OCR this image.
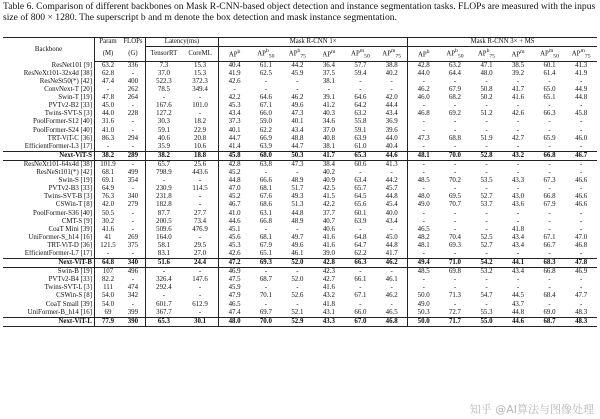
Table 6. Comparison of different backbones on Mask R-CNN-based object detection and instance segmentation tasks. FLOPs are measured with the inpus size of 800 × 1280. The superscript b and m denote the box detection and mask instance segmentation.
Backbone	Param	FLOPs	Latency(ms)		Mask R-CNN 1×						Mask R-CNN 3× + MS					
	(M)	(G)	TensorRT	CoreML	$AP^b$	$AP^b_{50}$	$AP^b_{75}$	$AP^m$	$AP^m_{50}$	$AP^m_{75}$	$AP^b$	$AP^b_{50}$	$AP^b_{75}$	$AP^m$	$AP^m_{50}$	$AP^m_{75}$
ResNet101 [9]	63.2	336	7.3	15.3	40.4	61.1	44.2	36.4	57.7	38.8	42.8	63.2	47.1	38.5	60.1	41.3
ResNeXt101-32x4d [38]	62.8	-	37.0	15.3	41.9	62.5	45.9	37.5	59.4	40.2	44.0	64.4	48.0	39.2	61.4	41.9
ResNeSt50(*) [42]	47.4	400	522.3	372.3	42.6	-	-	38.1	-	-	-	-	-	-	-	-
ConvNext-T [20]	-	262	78.5	349.4	-	-	-	-	-	-	46.2	67.9	50.8	41.7	65.0	44.9
Swin-T [19]	47.8	264	-	-	42.2	64.6	46.2	39.1	64.6	42.0	46.0	68.2	50.2	41.6	65.1	44.8
PVTv2-B2 [33]	45.0	-	167.6	101.0	45.3	67.1	49.6	41.2	64.2	44.4	-	-	-	-	-	-
Twins-SVT-S [3]	44.0	228	127.2	-	43.4	66.0	47.3	40.3	63.2	43.4	46.8	69.2	51.2	42.6	66.3	45.8
PoolFormer-S12 [40]	31.6	-	30.3	18.2	37.3	59.0	40.1	34.6	55.8	36.9	-	-	-	-	-	-
PoolFormer-S24 [40]	41.0	-	59.1	22.9	40.1	62.2	43.4	37.0	59.1	39.6	-	-	-	-	-	-
TRT-ViT-C [36]	86.3	294	40.6	20.8	44.7	66.9	48.8	40.8	63.9	44.0	47.3	68.8	51.9	42.7	65.9	46.0
EfficientFormer-L3 [17]	-	-	35.9	10.6	41.4	63.9	44.7	38.1	61.0	40.4	-	-	-	-	-	-
Next-ViT-S	38.2	289	38.2	18.8	45.8	68.0	50.3	41.7	65.3	44.6	48.1	70.0	52.8	43.2	66.8	46.7
ResNeXt101-64x4d [38]	101.9	-	65.7	25.6	42.8	63.8	47.3	38.4	60.6	41.3	-	-	-	-	-	-
ResNeSt101(*) [42]	68.1	499	798.9	443.6	45.2	-	-	40.2	-	-	-	-	-	-	-	-
Swin-S [19]	69.1	354	-	-	44.8	66.6	48.9	40.9	63.4	44.2	48.5	70.2	53.5	43.3	67.3	46.6
PVTv2-B3 [33]	64.9	-	230.9	114.5	47.0	68.1	51.7	42.5	65.7	45.7	-	-	-	-	-	-
Twins-SVT-B [3]	76.3	340	231.8	-	45.2	67.6	49.3	41.5	64.5	44.8	48.0	69.5	52.7	43.0	66.8	46.6
CSWin-T [8]	42.0	279	182.8	-	46.7	68.6	51.3	42.2	65.6	45.4	49.0	70.7	53.7	43.6	67.9	46.6
PoolFormer-S36 [40]	50.5	-	87.7	27.7	41.0	63.1	44.8	37.7	60.1	40.0	-	-	-	-	-	-
CMT-S [9]	30.2	-	200.5	73.4	44.6	66.8	48.9	40.7	63.9	43.4	-	-	-	-	-	-
CoaT Mini [39]	41.6	-	509.6	476.9	45.1	-	-	40.6	-	-	46.5	-	-	41.8	-	-
UniFormer-S_h14 [16]	41	269	164.0	-	45.6	68.1	49.7	41.6	64.8	45.0	48.2	70.4	52.5	43.4	67.1	47.0
TRT-ViT-D [36]	121.5	375	58.1	29.5	45.3	67.9	49.6	41.6	64.7	44.8	48.1	69.3	52.7	43.4	66.7	46.8
EfficientFormer-L7 [17]	-	-	83.1	27.0	42.6	65.1	46.1	39.0	62.2	41.7	-	-	-	-	-	-
Next-ViT-B	64.8	340	51.6	24.4	47.2	69.3	52.0	42.8	66.3	46.2	49.4	71.0	54.2	44.1	68.3	47.8
Swin-B [19]	107	496	-	-	46.9	-	-	42.3	-	-	48.5	69.8	53.2	43.4	66.8	46.9
PVTv2-B4 [33]	82.2	-	326.4	147.6	47.5	68.7	52.0	42.7	66.1	46.1	-	-	-	-	-	-
Twins-SVT-L [3]	111	474	292.4	-	45.9	-	-	41.6	-	-	-	-	-	-	-	-
CSWin-S [8]	54.0	342	-	-	47.9	70.1	52.6	43.2	67.1	46.2	50.0	71.3	54.7	44.5	68.4	47.7
CoaT Small [39]	54.0	-	601.7	612.9	46.5	-	-	41.8	-	-	49.0	-	-	43.7	-	-
UniFormer-B_h14 [16]	69	399	367.7	-	47.4	69.7	52.1	43.1	66.0	46.5	50.3	72.7	55.3	44.8	69.0	48.3
Next-ViT-L	77.9	390	65.3	30.1	48.0	70.0	52.9	43.3	67.0	46.8	50.0	71.7	55.0	44.6	68.7	48.3
知乎 @AI算法与图像处理
